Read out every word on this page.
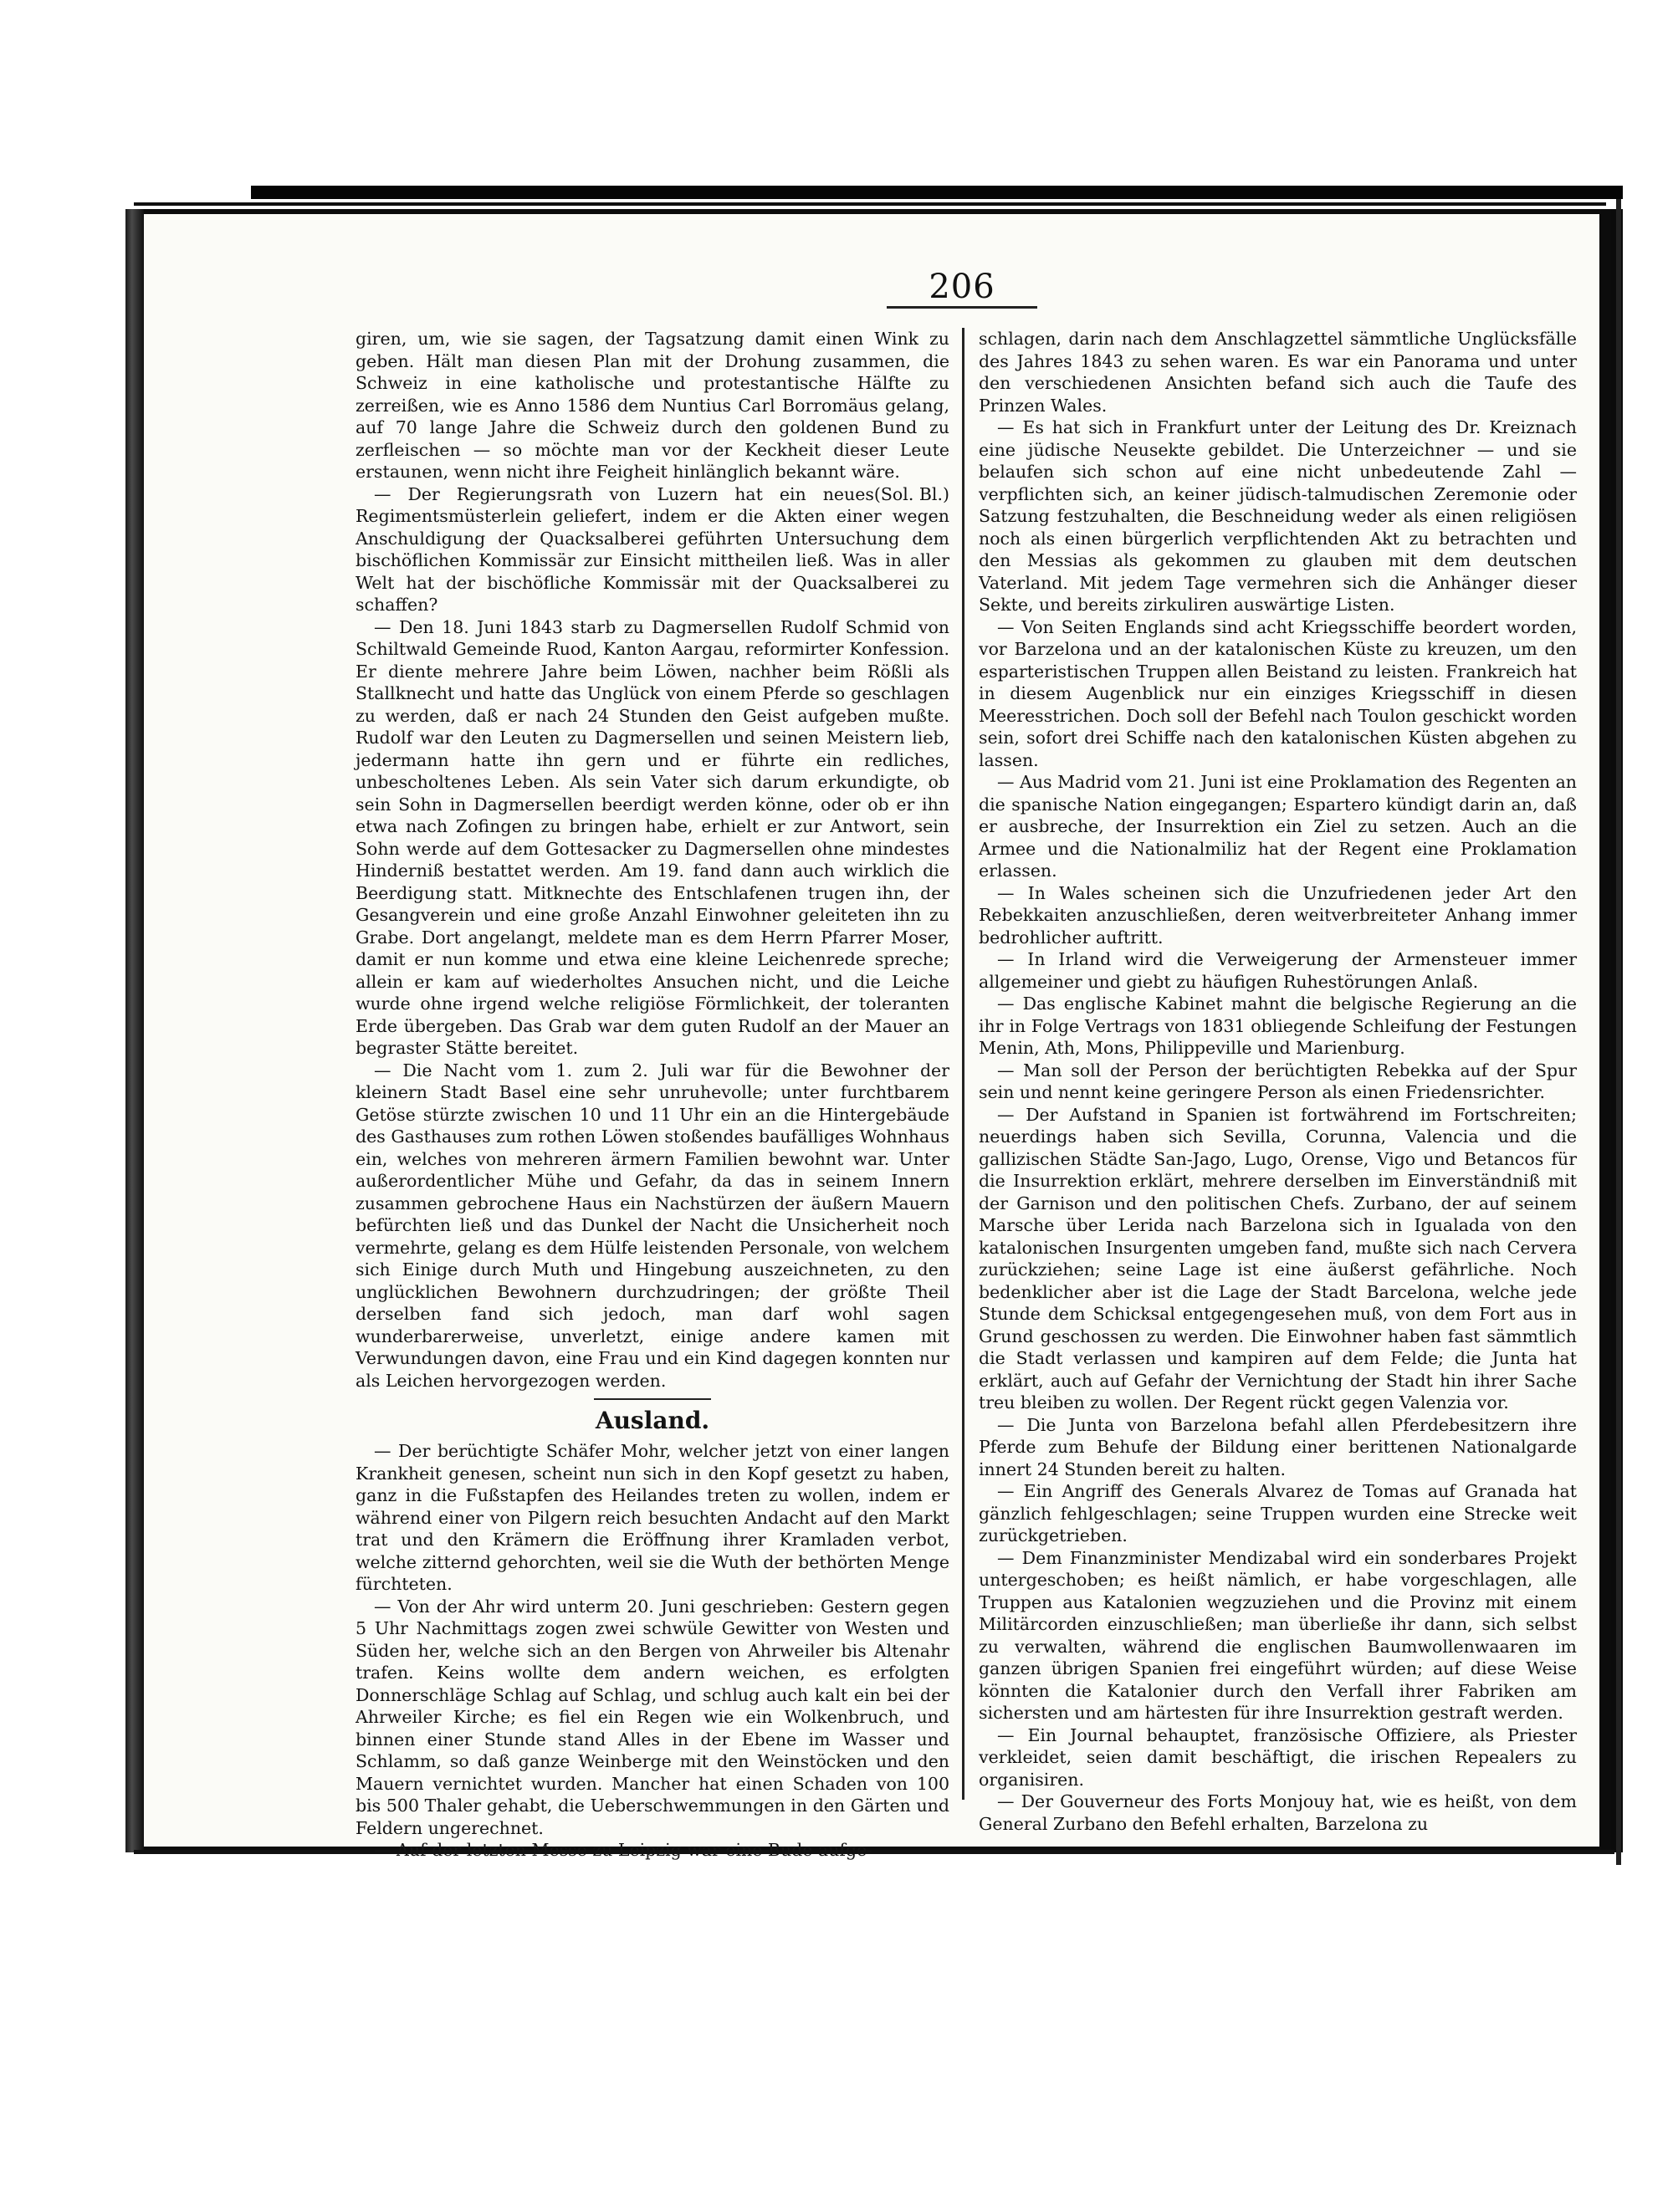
206

giren, um, wie sie sagen, der Tagsatzung damit einen Wink zu geben. Hält man diesen Plan mit der Drohung zusammen, die Schweiz in eine katholische und protestantische Hälfte zu zerreißen, wie es Anno 1586 dem Nuntius Carl Borromäus gelang, auf 70 lange Jahre die Schweiz durch den goldenen Bund zu zerfleischen — so möchte man vor der Keckheit dieser Leute erstaunen, wenn nicht ihre Feigheit hinlänglich bekannt wäre.
(Sol. Bl.)

— Der Regierungsrath von Luzern hat ein neues Regimentsmüsterlein geliefert, indem er die Akten einer wegen Anschuldigung der Quacksalberei geführten Untersuchung dem bischöflichen Kommissär zur Einsicht mittheilen ließ. Was in aller Welt hat der bischöfliche Kommissär mit der Quacksalberei zu schaffen?

— Den 18. Juni 1843 starb zu Dagmersellen Rudolf Schmid von Schiltwald Gemeinde Ruod, Kanton Aargau, reformirter Konfession. Er diente mehrere Jahre beim Löwen, nachher beim Rößli als Stallknecht und hatte das Unglück von einem Pferde so geschlagen zu werden, daß er nach 24 Stunden den Geist aufgeben mußte. Rudolf war den Leuten zu Dagmersellen und seinen Meistern lieb, jedermann hatte ihn gern und er führte ein redliches, unbescholtenes Leben. Als sein Vater sich darum erkundigte, ob sein Sohn in Dagmersellen beerdigt werden könne, oder ob er ihn etwa nach Zofingen zu bringen habe, erhielt er zur Antwort, sein Sohn werde auf dem Gottesacker zu Dagmersellen ohne mindestes Hinderniß bestattet werden. Am 19. fand dann auch wirklich die Beerdigung statt. Mitknechte des Entschlafenen trugen ihn, der Gesangverein und eine große Anzahl Einwohner geleiteten ihn zu Grabe. Dort angelangt, meldete man es dem Herrn Pfarrer Moser, damit er nun komme und etwa eine kleine Leichenrede spreche; allein er kam auf wiederholtes Ansuchen nicht, und die Leiche wurde ohne irgend welche religiöse Förmlichkeit, der toleranten Erde übergeben. Das Grab war dem guten Rudolf an der Mauer an begraster Stätte bereitet.

— Die Nacht vom 1. zum 2. Juli war für die Bewohner der kleinern Stadt Basel eine sehr unruhevolle; unter furchtbarem Getöse stürzte zwischen 10 und 11 Uhr ein an die Hintergebäude des Gasthauses zum rothen Löwen stoßendes baufälliges Wohnhaus ein, welches von mehreren ärmern Familien bewohnt war. Unter außerordentlicher Mühe und Gefahr, da das in seinem Innern zusammen gebrochene Haus ein Nachstürzen der äußern Mauern befürchten ließ und das Dunkel der Nacht die Unsicherheit noch vermehrte, gelang es dem Hülfe leistenden Personale, von welchem sich Einige durch Muth und Hingebung auszeichneten, zu den unglücklichen Bewohnern durchzudringen; der größte Theil derselben fand sich jedoch, man darf wohl sagen wunderbarerweise, unverletzt, einige andere kamen mit Verwundungen davon, eine Frau und ein Kind dagegen konnten nur als Leichen hervorgezogen werden.

Ausland.

— Der berüchtigte Schäfer Mohr, welcher jetzt von einer langen Krankheit genesen, scheint nun sich in den Kopf gesetzt zu haben, ganz in die Fußstapfen des Heilandes treten zu wollen, indem er während einer von Pilgern reich besuchten Andacht auf den Markt trat und den Krämern die Eröffnung ihrer Kramladen verbot, welche zitternd gehorchten, weil sie die Wuth der bethörten Menge fürchteten.

— Von der Ahr wird unterm 20. Juni geschrieben: Gestern gegen 5 Uhr Nachmittags zogen zwei schwüle Gewitter von Westen und Süden her, welche sich an den Bergen von Ahrweiler bis Altenahr trafen. Keins wollte dem andern weichen, es erfolgten Donnerschläge Schlag auf Schlag, und schlug auch kalt ein bei der Ahrweiler Kirche; es fiel ein Regen wie ein Wolkenbruch, und binnen einer Stunde stand Alles in der Ebene im Wasser und Schlamm, so daß ganze Weinberge mit den Weinstöcken und den Mauern vernichtet wurden. Mancher hat einen Schaden von 100 bis 500 Thaler gehabt, die Ueberschwemmungen in den Gärten und Feldern ungerechnet.

— Auf der letzten Messe zu Leipzig war eine Bude aufge-

schlagen, darin nach dem Anschlagzettel sämmtliche Unglücksfälle des Jahres 1843 zu sehen waren. Es war ein Panorama und unter den verschiedenen Ansichten befand sich auch die Taufe des Prinzen Wales.

— Es hat sich in Frankfurt unter der Leitung des Dr. Kreiznach eine jüdische Neusekte gebildet. Die Unterzeichner — und sie belaufen sich schon auf eine nicht unbedeutende Zahl — verpflichten sich, an keiner jüdisch-talmudischen Zeremonie oder Satzung festzuhalten, die Beschneidung weder als einen religiösen noch als einen bürgerlich verpflichtenden Akt zu betrachten und den Messias als gekommen zu glauben mit dem deutschen Vaterland. Mit jedem Tage vermehren sich die Anhänger dieser Sekte, und bereits zirkuliren auswärtige Listen.

— Von Seiten Englands sind acht Kriegsschiffe beordert worden, vor Barzelona und an der katalonischen Küste zu kreuzen, um den esparteristischen Truppen allen Beistand zu leisten. Frankreich hat in diesem Augenblick nur ein einziges Kriegsschiff in diesen Meeresstrichen. Doch soll der Befehl nach Toulon geschickt worden sein, sofort drei Schiffe nach den katalonischen Küsten abgehen zu lassen.

— Aus Madrid vom 21. Juni ist eine Proklamation des Regenten an die spanische Nation eingegangen; Espartero kündigt darin an, daß er ausbreche, der Insurrektion ein Ziel zu setzen. Auch an die Armee und die Nationalmiliz hat der Regent eine Proklamation erlassen.

— In Wales scheinen sich die Unzufriedenen jeder Art den Rebekkaiten anzuschließen, deren weitverbreiteter Anhang immer bedrohlicher auftritt.

— In Irland wird die Verweigerung der Armensteuer immer allgemeiner und giebt zu häufigen Ruhestörungen Anlaß.

— Das englische Kabinet mahnt die belgische Regierung an die ihr in Folge Vertrags von 1831 obliegende Schleifung der Festungen Menin, Ath, Mons, Philippeville und Marienburg.

— Man soll der Person der berüchtigten Rebekka auf der Spur sein und nennt keine geringere Person als einen Friedensrichter.

— Der Aufstand in Spanien ist fortwährend im Fortschreiten; neuerdings haben sich Sevilla, Corunna, Valencia und die gallizischen Städte San-Jago, Lugo, Orense, Vigo und Betancos für die Insurrektion erklärt, mehrere derselben im Einverständniß mit der Garnison und den politischen Chefs. Zurbano, der auf seinem Marsche über Lerida nach Barzelona sich in Igualada von den katalonischen Insurgenten umgeben fand, mußte sich nach Cervera zurückziehen; seine Lage ist eine äußerst gefährliche. Noch bedenklicher aber ist die Lage der Stadt Barcelona, welche jede Stunde dem Schicksal entgegengesehen muß, von dem Fort aus in Grund geschossen zu werden. Die Einwohner haben fast sämmtlich die Stadt verlassen und kampiren auf dem Felde; die Junta hat erklärt, auch auf Gefahr der Vernichtung der Stadt hin ihrer Sache treu bleiben zu wollen. Der Regent rückt gegen Valenzia vor.

— Die Junta von Barzelona befahl allen Pferdebesitzern ihre Pferde zum Behufe der Bildung einer berittenen Nationalgarde innert 24 Stunden bereit zu halten.

— Ein Angriff des Generals Alvarez de Tomas auf Granada hat gänzlich fehlgeschlagen; seine Truppen wurden eine Strecke weit zurückgetrieben.

— Dem Finanzminister Mendizabal wird ein sonderbares Projekt untergeschoben; es heißt nämlich, er habe vorgeschlagen, alle Truppen aus Katalonien wegzuziehen und die Provinz mit einem Militärcorden einzuschließen; man überließe ihr dann, sich selbst zu verwalten, während die englischen Baumwollenwaaren im ganzen übrigen Spanien frei eingeführt würden; auf diese Weise könnten die Katalonier durch den Verfall ihrer Fabriken am sichersten und am härtesten für ihre Insurrektion gestraft werden.

— Ein Journal behauptet, französische Offiziere, als Priester verkleidet, seien damit beschäftigt, die irischen Repealers zu organisiren.

— Der Gouverneur des Forts Monjouy hat, wie es heißt, von dem General Zurbano den Befehl erhalten, Barzelona zu
